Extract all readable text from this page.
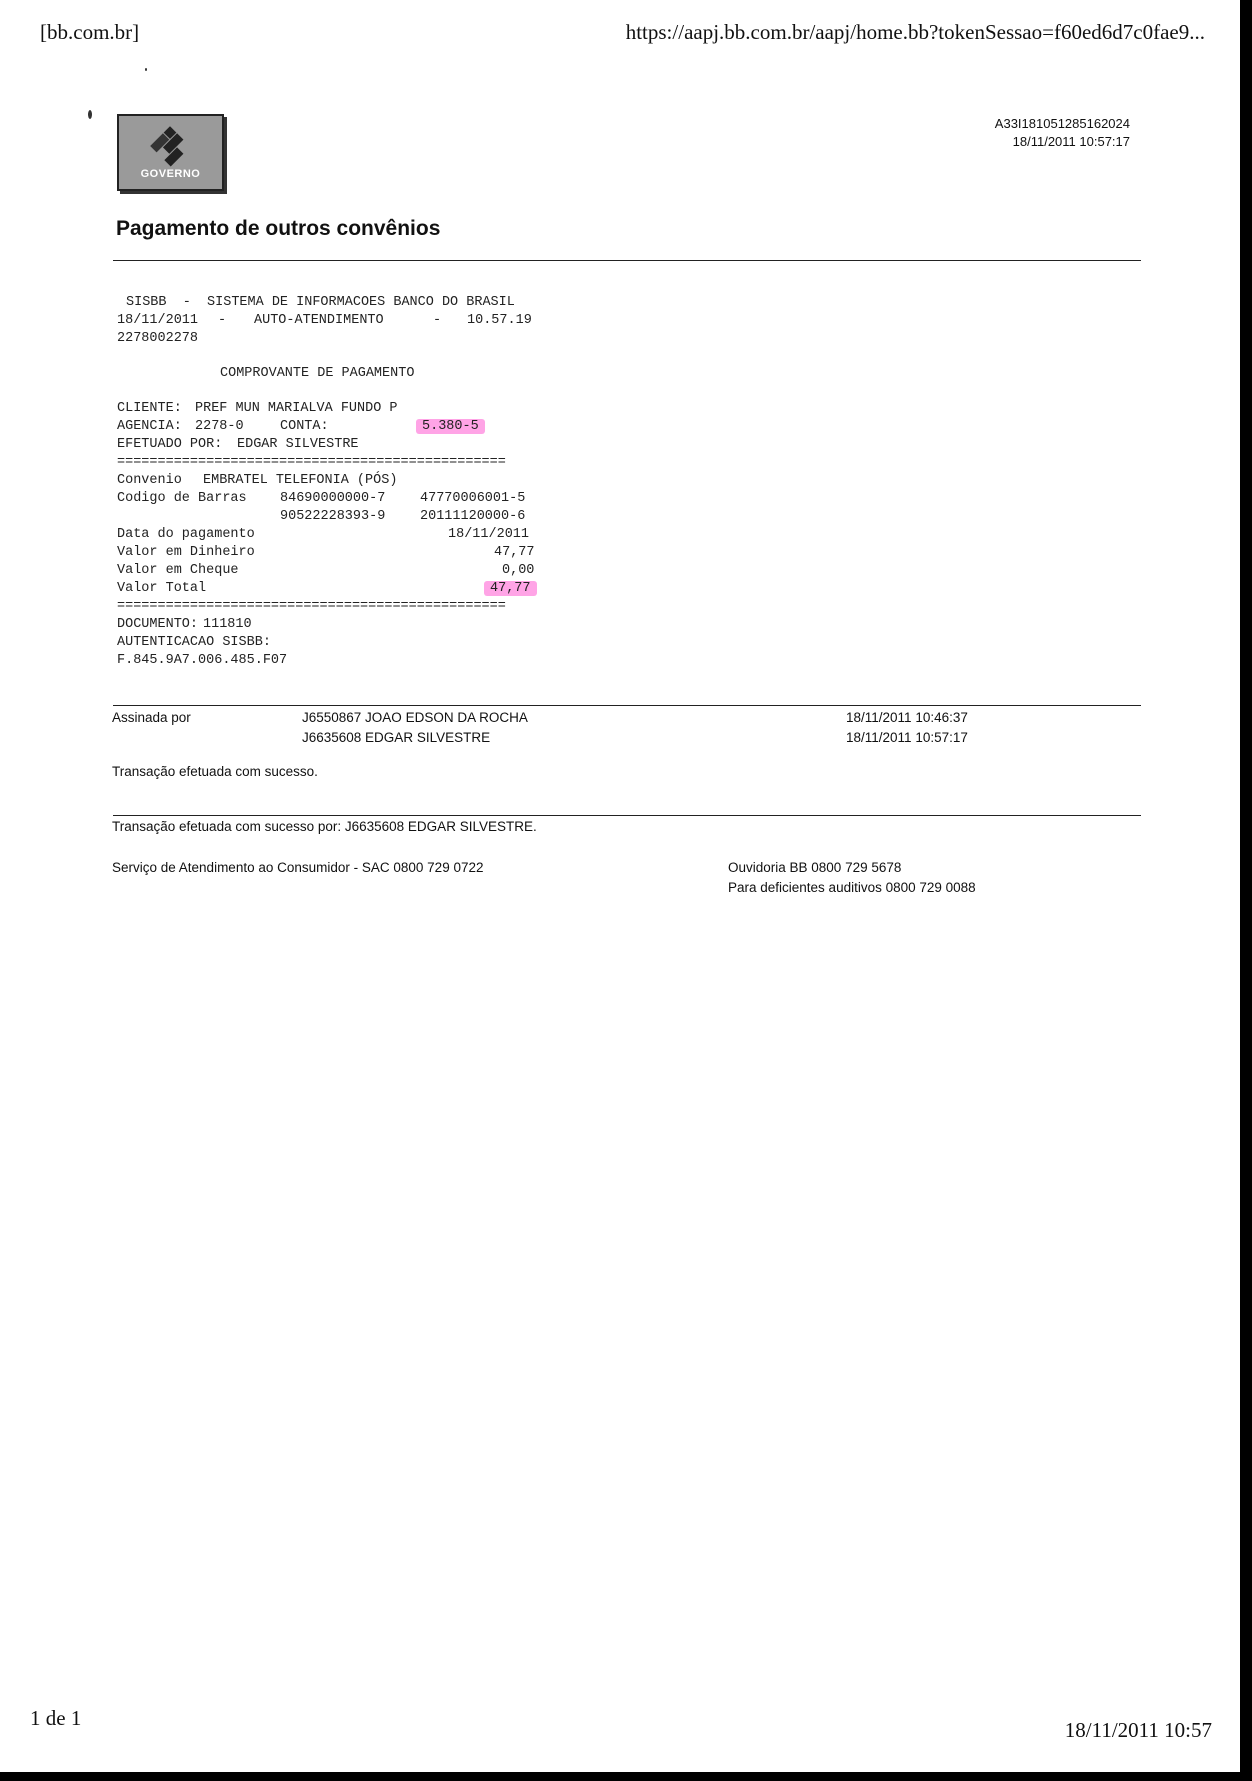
[bb.com.br]	https://aapj.bb.com.br/aapj/home.bb?tokenSessao=f60ed6d7c0fae9...
GOVERNO
A33I181051285162024
18/11/2011 10:57:17
Pagamento de outros convênios
SISBB  -  SISTEMA DE INFORMACOES BANCO DO BRASIL
18/11/2011 - AUTO-ATENDIMENTO	- 10.57.19
2278002278
COMPROVANTE DE PAGAMENTO
CLIENTE: PREF MUN MARIALVA FUNDO P
AGENCIA: 2278-0	CONTA:	5.380-5
EFETUADO POR: EDGAR SILVESTRE
================================================
Convenio EMBRATEL TELEFONIA (PÓS)
Codigo de Barras 84690000000-7	47770006001-5
90522228393-9	20111120000-6
Data do pagamento	18/11/2011
Valor em Dinheiro	47,77
Valor em Cheque	0,00
Valor Total	47,77
================================================
DOCUMENTO: 111810
AUTENTICACAO SISBB:
F.845.9A7.006.485.F07
Assinada por	J6550867 JOAO EDSON DA ROCHA	18/11/2011 10:46:37
J6635608 EDGAR SILVESTRE	18/11/2011 10:57:17
Transação efetuada com sucesso.
Transação efetuada com sucesso por: J6635608 EDGAR SILVESTRE.
Serviço de Atendimento ao Consumidor - SAC 0800 729 0722	Ouvidoria BB 0800 729 5678
Para deficientes auditivos 0800 729 0088
1 de 1	18/11/2011 10:57
